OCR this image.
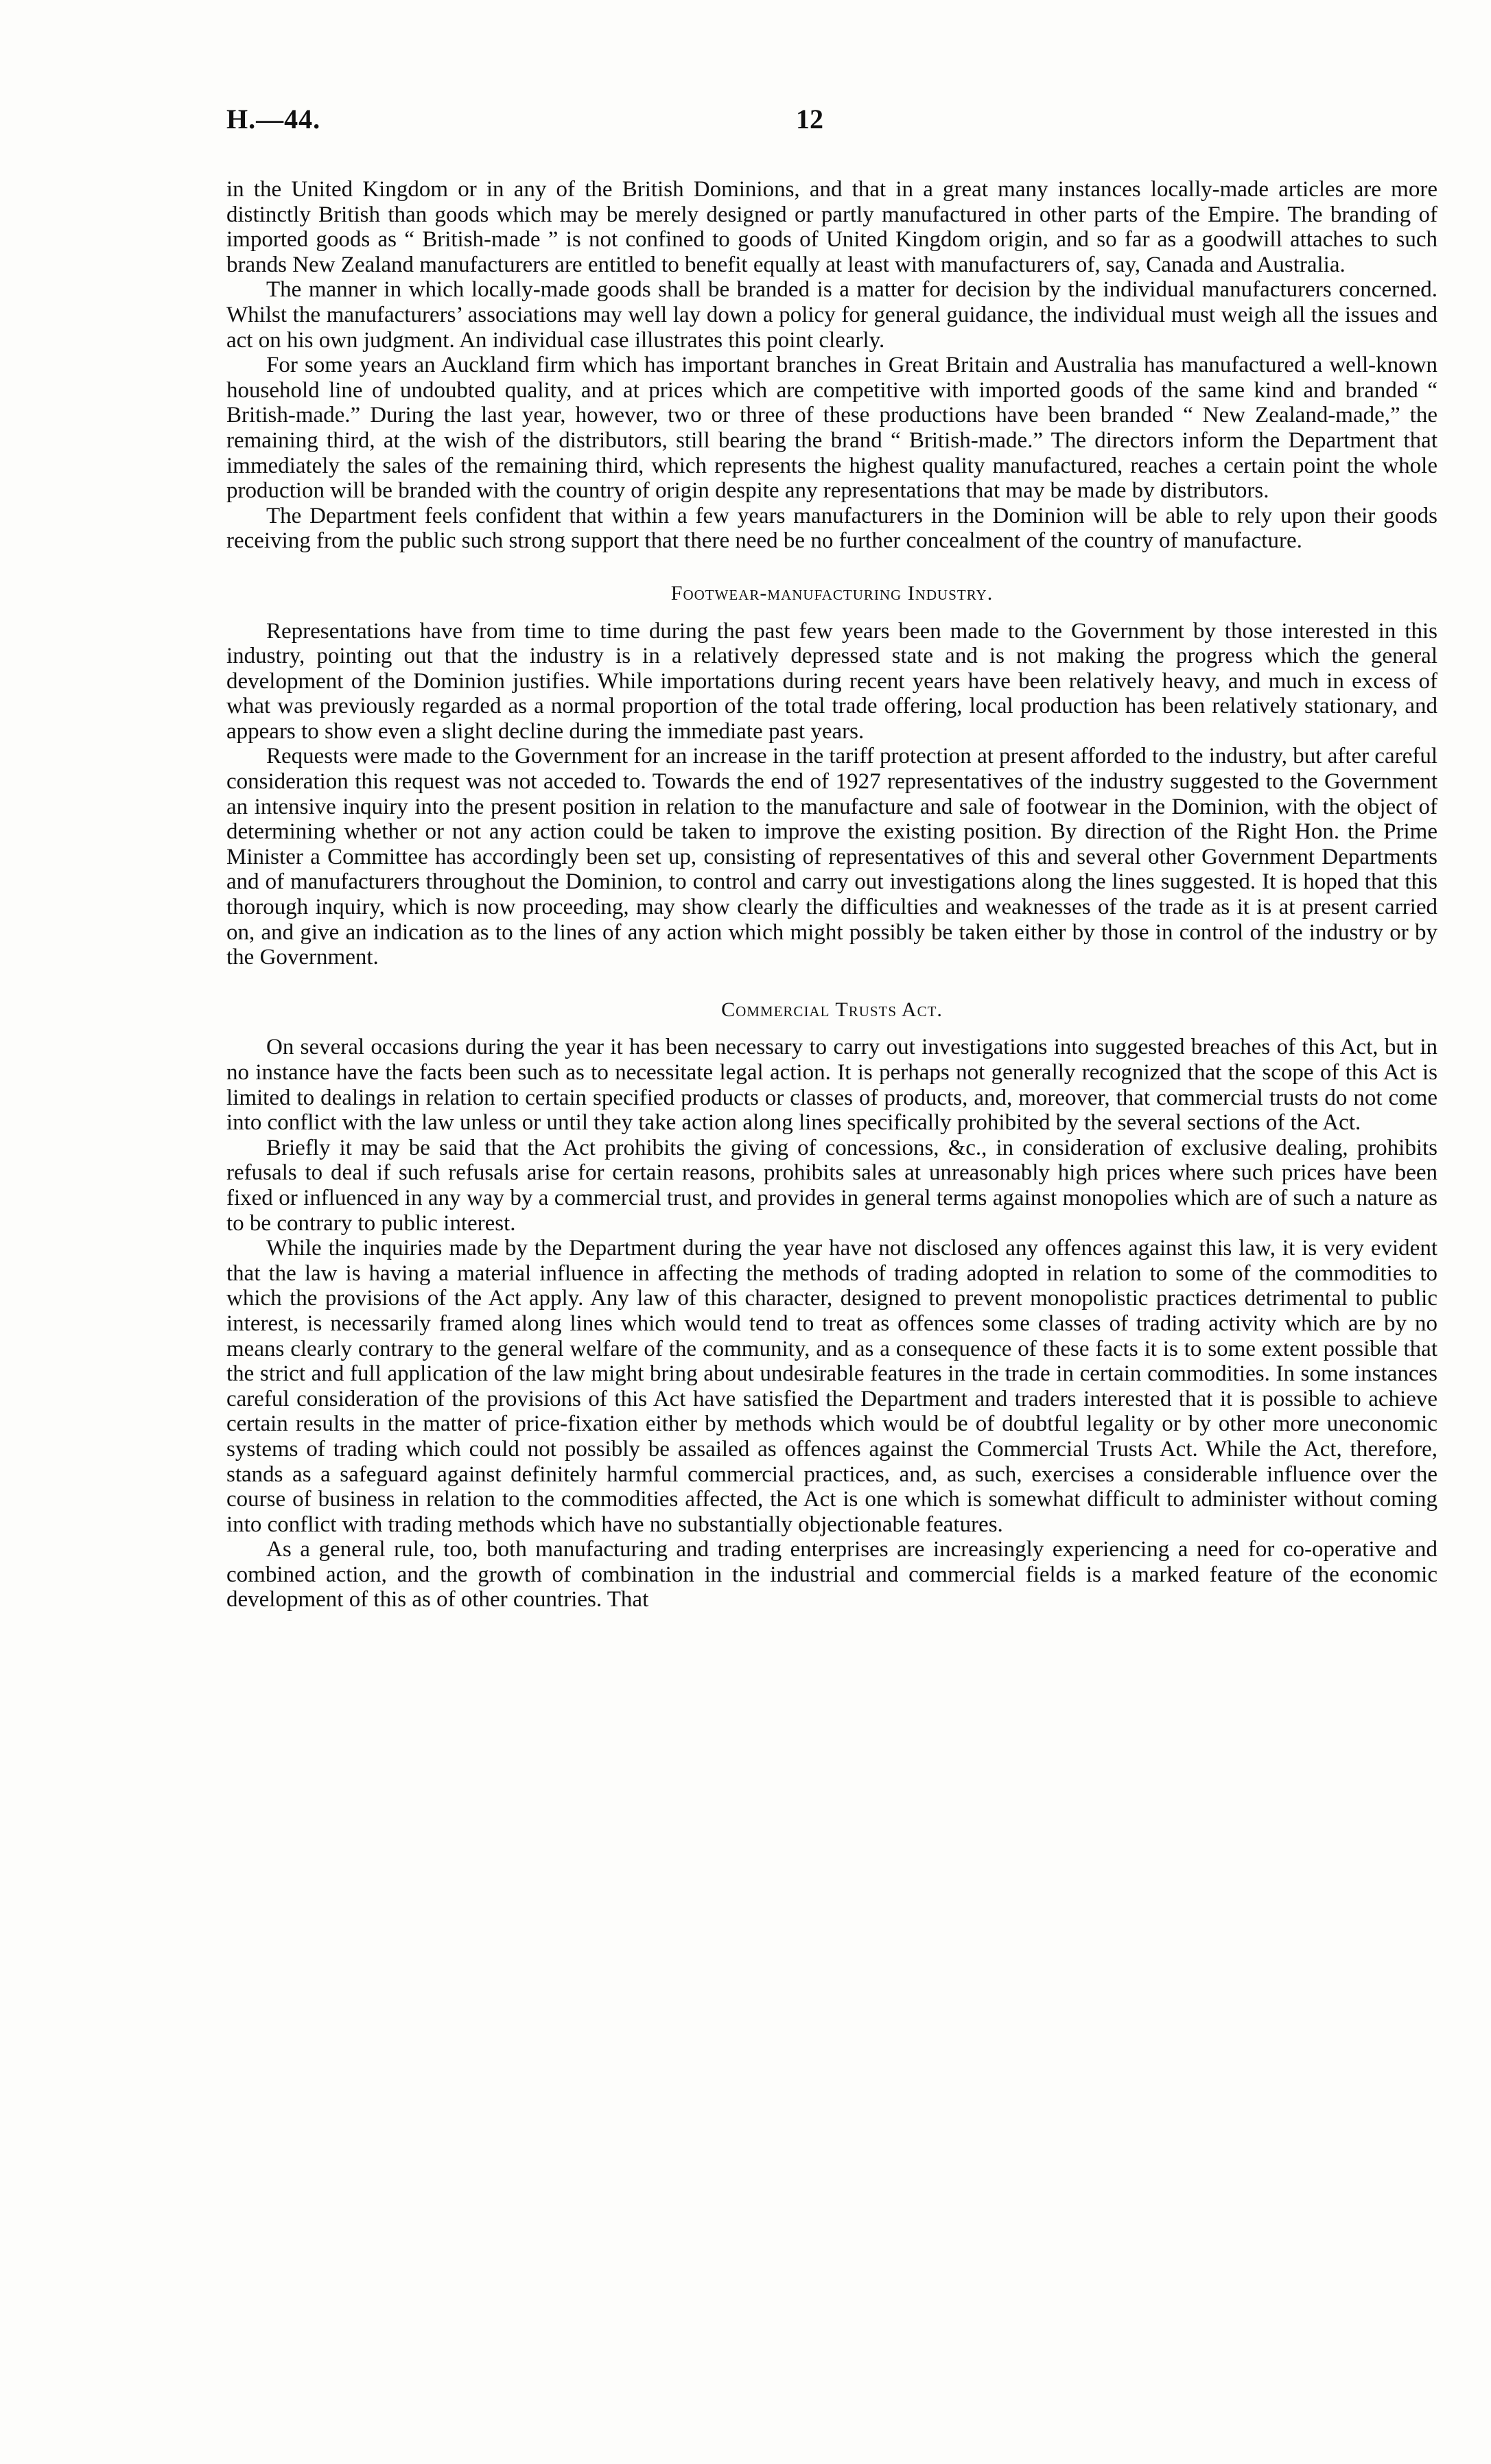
H.—44.	12

in the United Kingdom or in any of the British Dominions, and that in a great many instances locally-made articles are more distinctly British than goods which may be merely designed or partly manufactured in other parts of the Empire. The branding of imported goods as “ British-made ” is not confined to goods of United Kingdom origin, and so far as a goodwill attaches to such brands New Zealand manufacturers are entitled to benefit equally at least with manufacturers of, say, Canada and Australia.

The manner in which locally-made goods shall be branded is a matter for decision by the individual manufacturers concerned. Whilst the manufacturers’ associations may well lay down a policy for general guidance, the individual must weigh all the issues and act on his own judgment. An individual case illustrates this point clearly.

For some years an Auckland firm which has important branches in Great Britain and Australia has manufactured a well-known household line of undoubted quality, and at prices which are competitive with imported goods of the same kind and branded “ British-made.” During the last year, however, two or three of these productions have been branded “ New Zealand-made,” the remaining third, at the wish of the distributors, still bearing the brand “ British-made.” The directors inform the Department that immediately the sales of the remaining third, which represents the highest quality manufactured, reaches a certain point the whole production will be branded with the country of origin despite any representations that may be made by distributors.

The Department feels confident that within a few years manufacturers in the Dominion will be able to rely upon their goods receiving from the public such strong support that there need be no further concealment of the country of manufacture.

Footwear-manufacturing Industry.

Representations have from time to time during the past few years been made to the Government by those interested in this industry, pointing out that the industry is in a relatively depressed state and is not making the progress which the general development of the Dominion justifies. While importations during recent years have been relatively heavy, and much in excess of what was previously regarded as a normal proportion of the total trade offering, local production has been relatively stationary, and appears to show even a slight decline during the immediate past years.

Requests were made to the Government for an increase in the tariff protection at present afforded to the industry, but after careful consideration this request was not acceded to. Towards the end of 1927 representatives of the industry suggested to the Government an intensive inquiry into the present position in relation to the manufacture and sale of footwear in the Dominion, with the object of determining whether or not any action could be taken to improve the existing position. By direction of the Right Hon. the Prime Minister a Committee has accordingly been set up, consisting of representatives of this and several other Government Departments and of manufacturers throughout the Dominion, to control and carry out investigations along the lines suggested. It is hoped that this thorough inquiry, which is now proceeding, may show clearly the difficulties and weaknesses of the trade as it is at present carried on, and give an indication as to the lines of any action which might possibly be taken either by those in control of the industry or by the Government.

Commercial Trusts Act.

On several occasions during the year it has been necessary to carry out investigations into suggested breaches of this Act, but in no instance have the facts been such as to necessitate legal action. It is perhaps not generally recognized that the scope of this Act is limited to dealings in relation to certain specified products or classes of products, and, moreover, that commercial trusts do not come into conflict with the law unless or until they take action along lines specifically prohibited by the several sections of the Act.

Briefly it may be said that the Act prohibits the giving of concessions, &c., in consideration of exclusive dealing, prohibits refusals to deal if such refusals arise for certain reasons, prohibits sales at unreasonably high prices where such prices have been fixed or influenced in any way by a commercial trust, and provides in general terms against monopolies which are of such a nature as to be contrary to public interest.

While the inquiries made by the Department during the year have not disclosed any offences against this law, it is very evident that the law is having a material influence in affecting the methods of trading adopted in relation to some of the commodities to which the provisions of the Act apply. Any law of this character, designed to prevent monopolistic practices detrimental to public interest, is necessarily framed along lines which would tend to treat as offences some classes of trading activity which are by no means clearly contrary to the general welfare of the community, and as a consequence of these facts it is to some extent possible that the strict and full application of the law might bring about undesirable features in the trade in certain commodities. In some instances careful consideration of the provisions of this Act have satisfied the Department and traders interested that it is possible to achieve certain results in the matter of price-fixation either by methods which would be of doubtful legality or by other more uneconomic systems of trading which could not possibly be assailed as offences against the Commercial Trusts Act. While the Act, therefore, stands as a safeguard against definitely harmful commercial practices, and, as such, exercises a considerable influence over the course of business in relation to the commodities affected, the Act is one which is somewhat difficult to administer without coming into conflict with trading methods which have no substantially objectionable features.

As a general rule, too, both manufacturing and trading enterprises are increasingly experiencing a need for co-operative and combined action, and the growth of combination in the industrial and commercial fields is a marked feature of the economic development of this as of other countries. That
